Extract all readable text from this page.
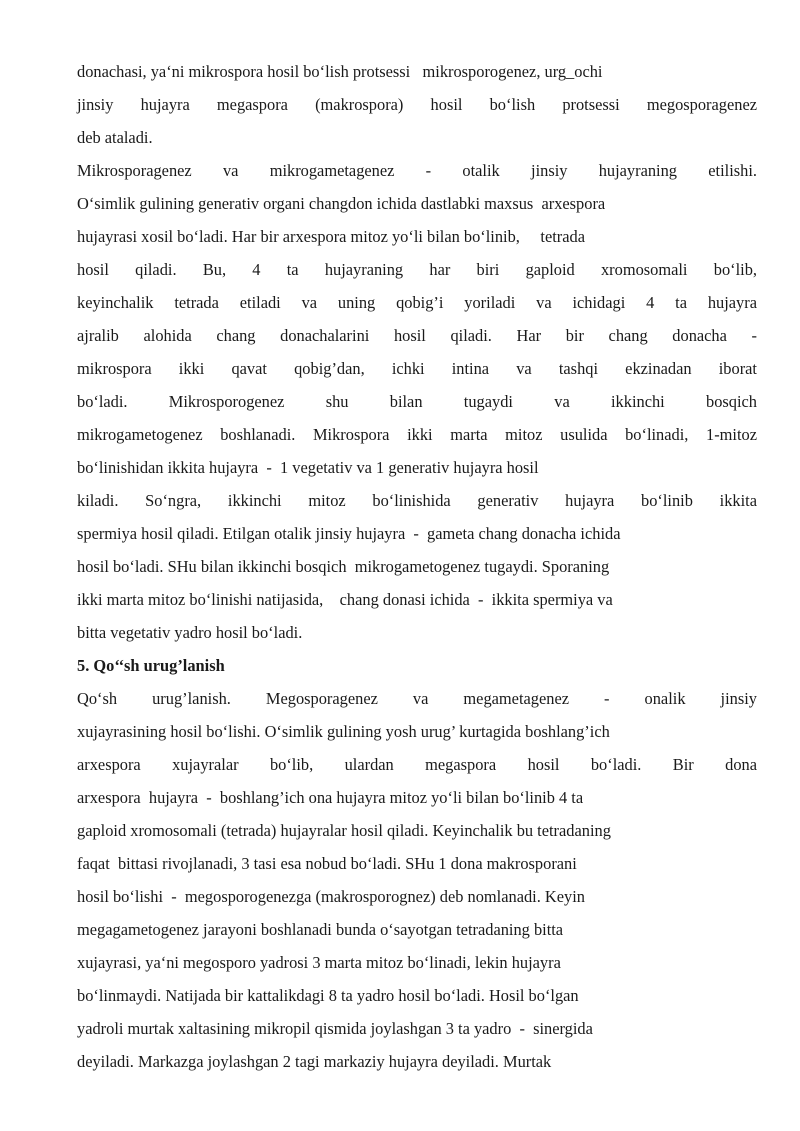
donachasi, ya‘ni mikrospora hosil bo‘lish protsessi   mikrosporogenez, urg_ochi
jinsiy hujayra megaspora (makrospora) hosil bo‘lish protsessi megosporagenez
deb ataladi.
Mikrosporagenez va mikrogametagenez - otalik jinsiy hujayraning etilishi.
O‘simlik gulining generativ organi changdon ichida dastlabki maxsus  arxespora
hujayrasi xosil bo‘ladi. Har bir arxespora mitoz yo‘li bilan bo‘linib,     tetrada
hosil qiladi. Bu, 4 ta hujayraning har biri gaploid xromosomali bo‘lib,
keyinchalik tetrada etiladi va uning qobig’i yoriladi va ichidagi 4 ta hujayra
ajralib alohida chang donachalarini hosil qiladi. Har bir chang donacha -
mikrospora ikki qavat qobig’dan, ichki intina va tashqi ekzinadan iborat
bo‘ladi. Mikrosporogenez shu bilan tugaydi va ikkinchi bosqich
mikrogametogenez boshlanadi. Mikrospora ikki marta mitoz usulida bo‘linadi, 1-mitoz
bo‘linishidan ikkita hujayra  -  1 vegetativ va 1 generativ hujayra hosil
kiladi. So‘ngra, ikkinchi mitoz bo‘linishida generativ hujayra bo‘linib ikkita
spermiya hosil qiladi. Etilgan otalik jinsiy hujayra  -  gameta chang donacha ichida
hosil bo‘ladi. SHu bilan ikkinchi bosqich  mikrogametogenez tugaydi. Sporaning
ikki marta mitoz bo‘linishi natijasida,    chang donasi ichida  -  ikkita spermiya va
bitta vegetativ yadro hosil bo‘ladi.
5. Qo‘‘sh urug’lanish
Qo‘sh urug’lanish. Megosporagenez va megametagenez - onalik jinsiy
xujayrasining hosil bo‘lishi. O‘simlik gulining yosh urug’ kurtagida boshlang’ich
arxespora xujayralar bo‘lib, ulardan megaspora hosil bo‘ladi. Bir dona
arxespora  hujayra  -  boshlang’ich ona hujayra mitoz yo‘li bilan bo‘linib 4 ta
gaploid xromosomali (tetrada) hujayralar hosil qiladi. Keyinchalik bu tetradaning
faqat  bittasi rivojlanadi, 3 tasi esa nobud bo‘ladi. SHu 1 dona makrosporani
hosil bo‘lishi  -  megosporogenezga (makrosporognez) deb nomlanadi. Keyin
megagametogenez jarayoni boshlanadi bunda o‘sayotgan tetradaning bitta
xujayrasi, ya‘ni megosporo yadrosi 3 marta mitoz bo‘linadi, lekin hujayra
bo‘linmaydi. Natijada bir kattalikdagi 8 ta yadro hosil bo‘ladi. Hosil bo‘lgan
yadroli murtak xaltasining mikropil qismida joylashgan 3 ta yadro  -  sinergida
deyiladi. Markazga joylashgan 2 tagi markaziy hujayra deyiladi. Murtak
